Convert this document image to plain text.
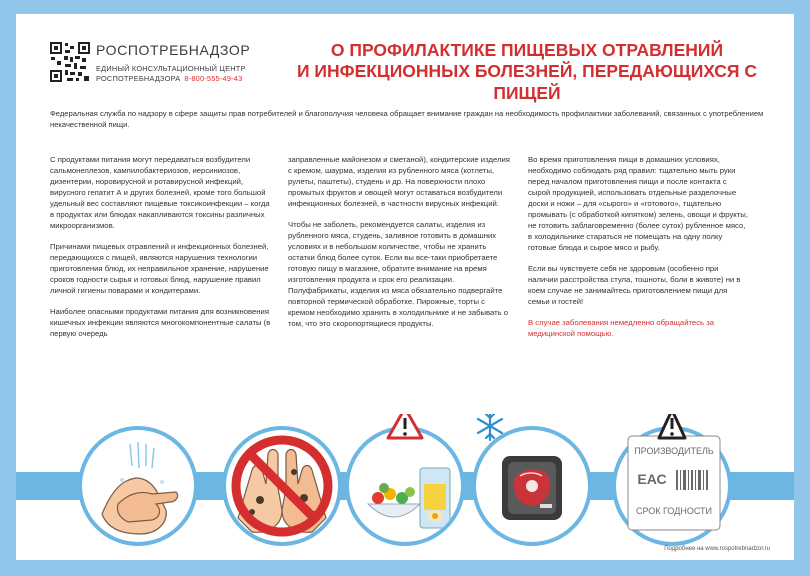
РОСПОТРЕБНАДЗОР
ЕДИНЫЙ КОНСУЛЬТАЦИОННЫЙ ЦЕНТР
РОСПОТРЕБНАДЗОРА 8-800-555-49-43
О ПРОФИЛАКТИКЕ ПИЩЕВЫХ ОТРАВЛЕНИЙ
И ИНФЕКЦИОННЫХ БОЛЕЗНЕЙ, ПЕРЕДАЮЩИХСЯ С ПИЩЕЙ
Федеральная служба по надзору в сфере защиты прав потребителей и благополучия человека обращает внимание граждан на необходимость профилактики заболеваний, связанных с употреблением некачественной пищи.

С продуктами питания могут передаваться возбудители сальмонеллезов, кампилобактериозов, иерсиниозов, дизентерии, норовирусной и ротавирусной инфекций, вирусного гепатит А и других болезней, кроме того большой удельный вес составляют пищевые токсикоинфекции – когда в продуктах или блюдах накапливаются токсины различных микроорганизмов.

Причинами пищевых отравлений и инфекционных болезней, передающихся с пищей, являются нарушения технологии приготовления блюд, их неправильное хранение, нарушение сроков годности сырья и готовых блюд, нарушение правил личной гигиены поварами и кондитерами.

Наиболее опасными продуктами питания для возникновения кишечных инфекции являются многокомпонентные салаты (в первую очередь

заправленные майонезом и сметаной), кондитерские изделия с кремом, шаурма, изделия из рубленного мяса (котлеты, рулеты, паштеты), студень и др. На поверхности плохо промытых фруктов и овощей могут оставаться возбудители инфекционных болезней, в частности вирусных инфекций.

Чтобы не заболеть, рекомендуется салаты, изделия из рубленного мяса, студень, заливное готовить в домашних условиях и в небольшом количестве, чтобы не хранить остатки блюд более суток. Если вы все-таки приобретаете готовую пищу в магазине, обратите внимание на время изготовления продукта и срок его реализации. Полуфабрикаты, изделия из мяса обязательно подвергайте повторной термической обработке. Пирожные, торты с кремом необходимо хранить в холодильнике и не забывать о том, что это скоропортящиеся продукты.

Во время приготовления пищи в домашних условиях, необходимо соблюдать ряд правил: тщательно мыть руки перед началом приготовления пищи и после контакта с сырой продукцией, использовать отдельные разделочные доски и ножи – для «сырого» и «готового», тщательно промывать (с обработкой кипятком) зелень, овощи и фрукты, не готовить заблаговременно (более суток) рубленное мясо, в холодильнике стараться не помещать на одну полку готовые блюда и сырое мясо и рыбу.

Если вы чувствуете себя не здоровым (особенно при наличии расстройства стула, тошноты, боли в животе) ни в коем случае не занимайтесь приготовлением пищи для семьи и гостей!

В случае заболевания немедленно обращайтесь за медицинской помощью.

ПРОИЗВОДИТЕЛЬ
ЕАС
СРОК ГОДНОСТИ
Подробнее на www.rospotrebnadzor.ru
